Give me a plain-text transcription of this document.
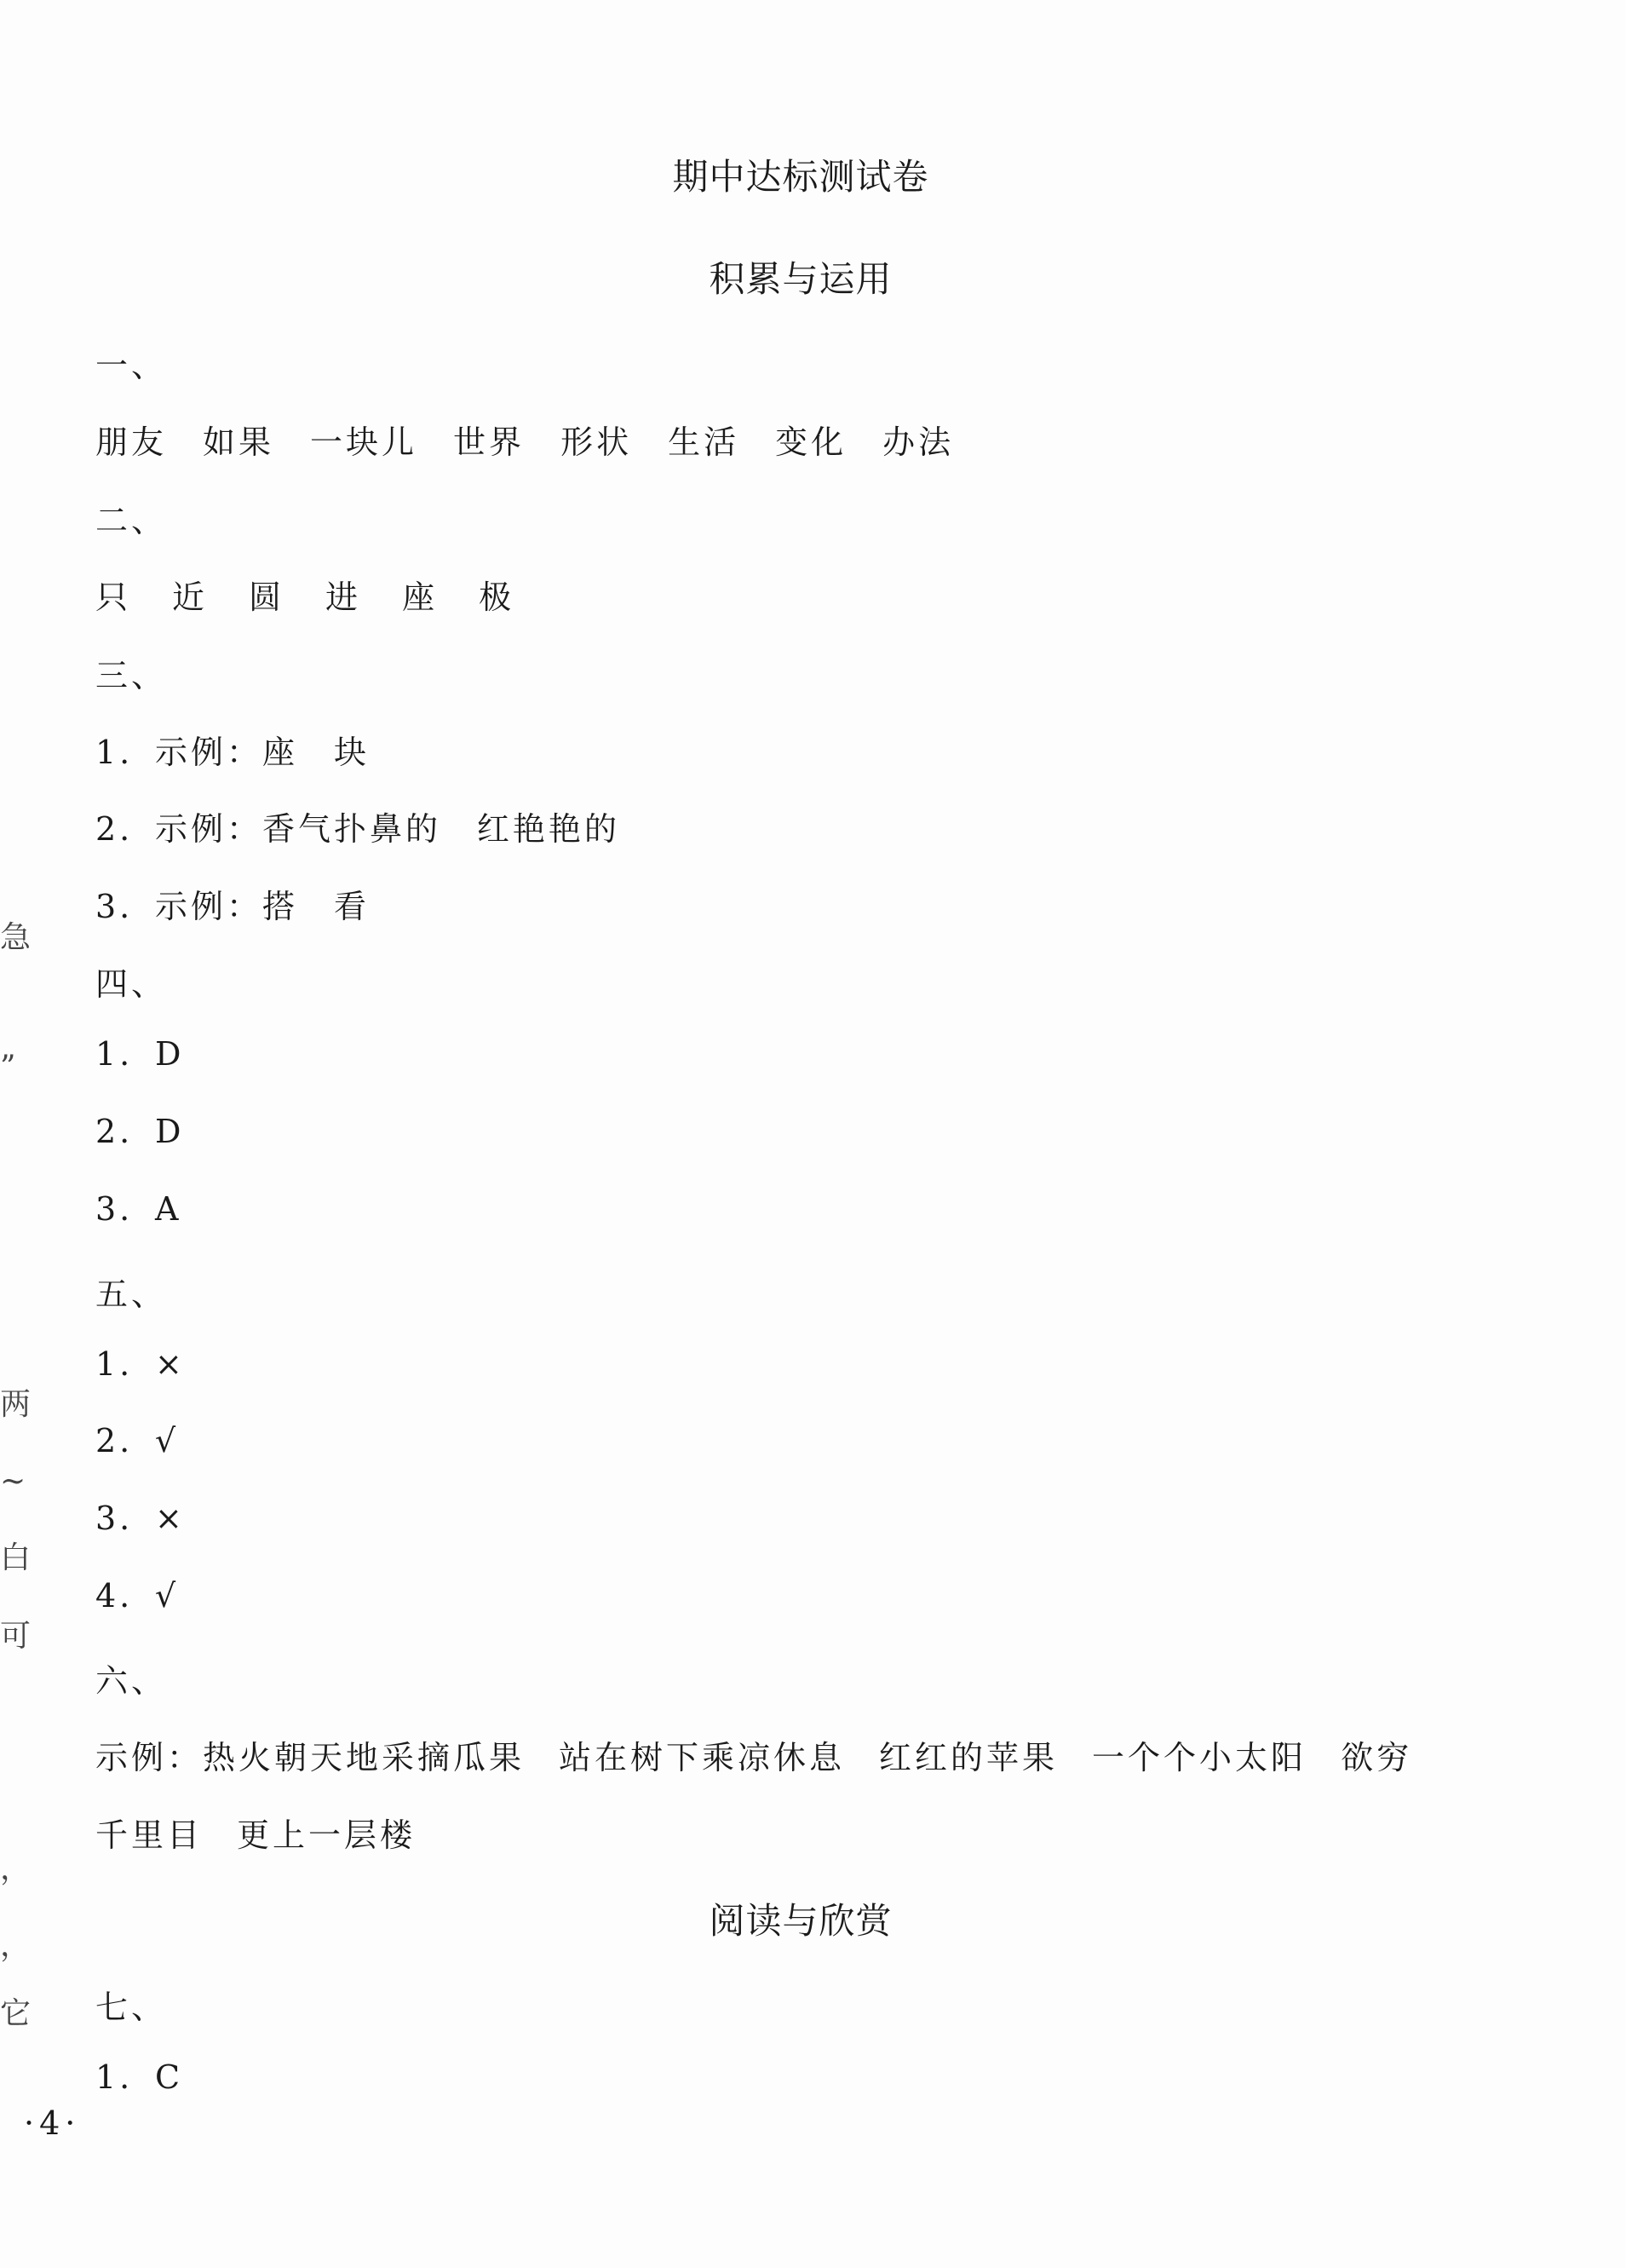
期中达标测试卷
积累与运用
一、
朋友 如果 一块儿 世界 形状 生活 变化 办法
二、
只 近 圆 进 座 极
三、
1. 示例：座　块
2. 示例：香气扑鼻的　红艳艳的
3. 示例：搭　看
四、
1. D
2. D
3. A
五、
1. ×
2. √
3. ×
4. √
六、
示例：热火朝天地采摘瓜果 站在树下乘凉休息 红红的苹果 一个个小太阳 欲穷
千里目 更上一层楼
阅读与欣赏
七、
1. C
·4·
急
”
两
~
白
可
，
，
它
